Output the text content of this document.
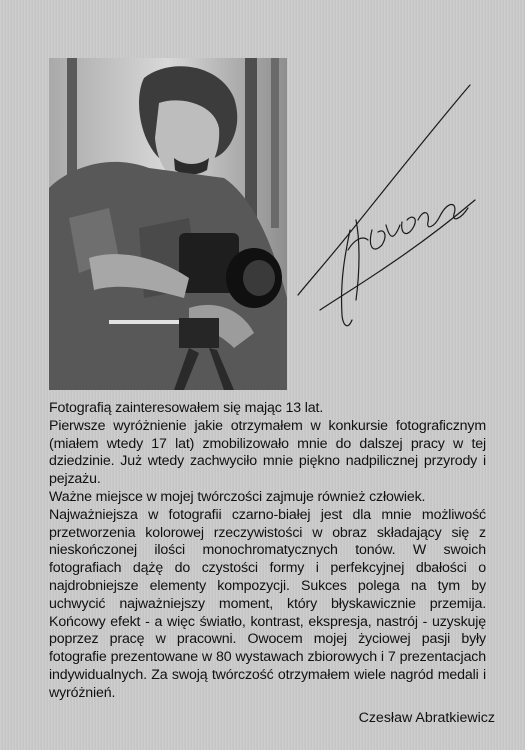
Fotografią zainteresowałem się mając 13 lat.

Pierwsze wyróżnienie jakie otrzymałem w konkursie fotograficznym (miałem wtedy 17 lat) zmobilizowało mnie do dalszej pracy w tej dziedzinie. Już wtedy zachwyciło mnie piękno nadpilicznej przyrody i pejzażu.

Ważne miejsce w mojej twórczości zajmuje również człowiek.

Najważniejsza w fotografii czarno-białej jest dla mnie możliwość przetworzenia kolorowej rzeczywistości w obraz składający się z nieskończonej ilości monochromatycznych tonów. W swoich fotografiach dążę do czystości formy i perfekcyjnej dbałości o najdrobniejsze elementy kompozycji. Sukces polega na tym by uchwycić najważniejszy moment, który błyskawicznie przemija. Końcowy efekt - a więc światło, kontrast, ekspresja, nastrój - uzyskuję poprzez pracę w pracowni. Owocem mojej życiowej pasji były fotografie prezentowane w 80 wystawach zbiorowych i 7 prezentacjach indywidualnych. Za swoją twórczość otrzymałem wiele nagród medali i wyróżnień.

Czesław Abratkiewicz
